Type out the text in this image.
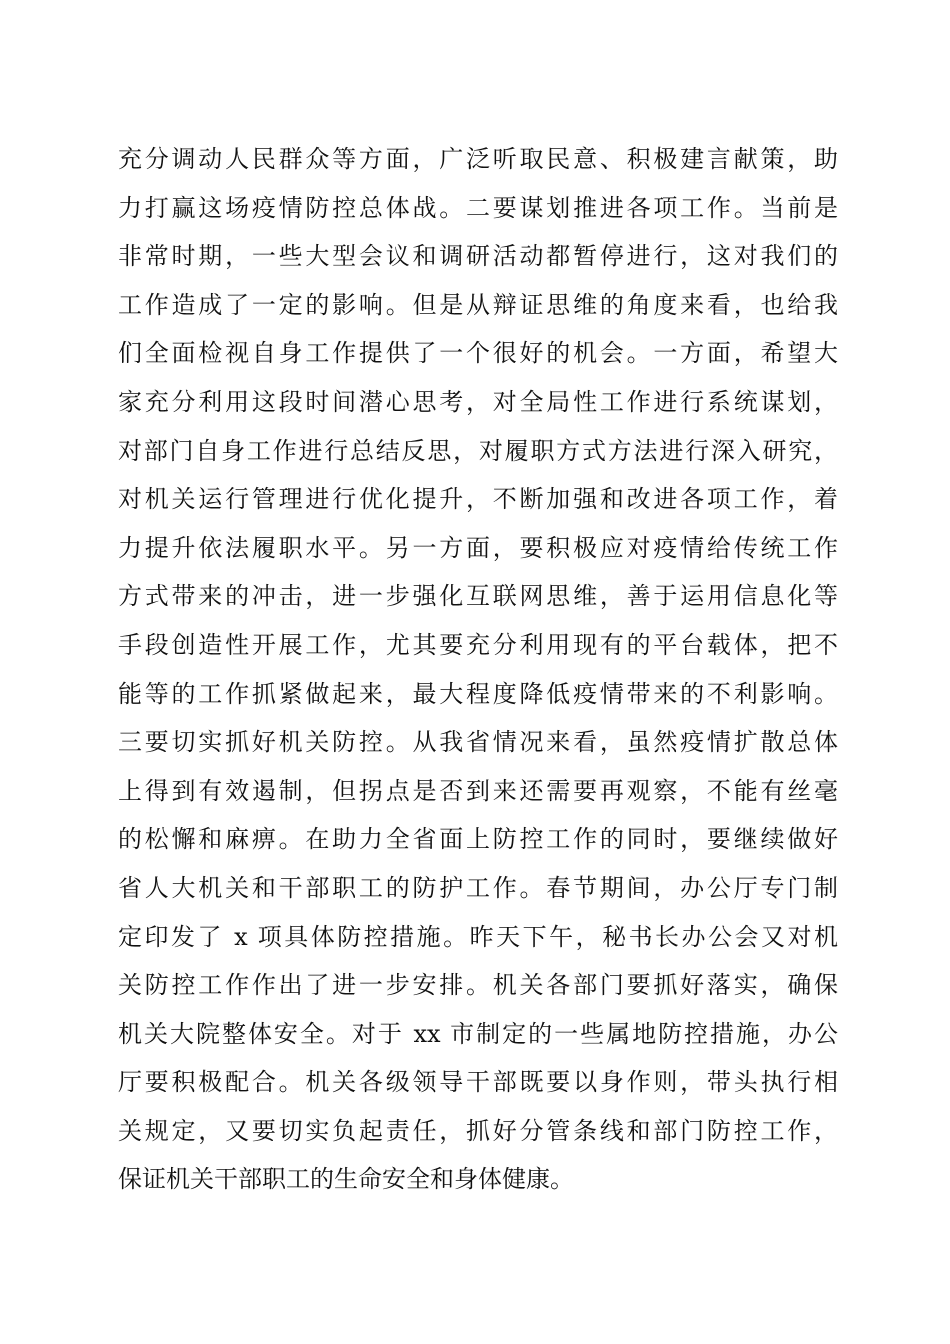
充分调动人民群众等方面，广泛听取民意、积极建言献策，助
力打赢这场疫情防控总体战。二要谋划推进各项工作。当前是
非常时期，一些大型会议和调研活动都暂停进行，这对我们的
工作造成了一定的影响。但是从辩证思维的角度来看，也给我
们全面检视自身工作提供了一个很好的机会。一方面，希望大
家充分利用这段时间潜心思考，对全局性工作进行系统谋划，
对部门自身工作进行总结反思，对履职方式方法进行深入研究，
对机关运行管理进行优化提升，不断加强和改进各项工作，着
力提升依法履职水平。另一方面，要积极应对疫情给传统工作
方式带来的冲击，进一步强化互联网思维，善于运用信息化等
手段创造性开展工作，尤其要充分利用现有的平台载体，把不
能等的工作抓紧做起来，最大程度降低疫情带来的不利影响。
三要切实抓好机关防控。从我省情况来看，虽然疫情扩散总体
上得到有效遏制，但拐点是否到来还需要再观察，不能有丝毫
的松懈和麻痹。在助力全省面上防控工作的同时，要继续做好
省人大机关和干部职工的防护工作。春节期间，办公厅专门制
定印发了 x 项具体防控措施。昨天下午，秘书长办公会又对机
关防控工作作出了进一步安排。机关各部门要抓好落实，确保
机关大院整体安全。对于 xx 市制定的一些属地防控措施，办公
厅要积极配合。机关各级领导干部既要以身作则，带头执行相
关规定，又要切实负起责任，抓好分管条线和部门防控工作，
保证机关干部职工的生命安全和身体健康。
